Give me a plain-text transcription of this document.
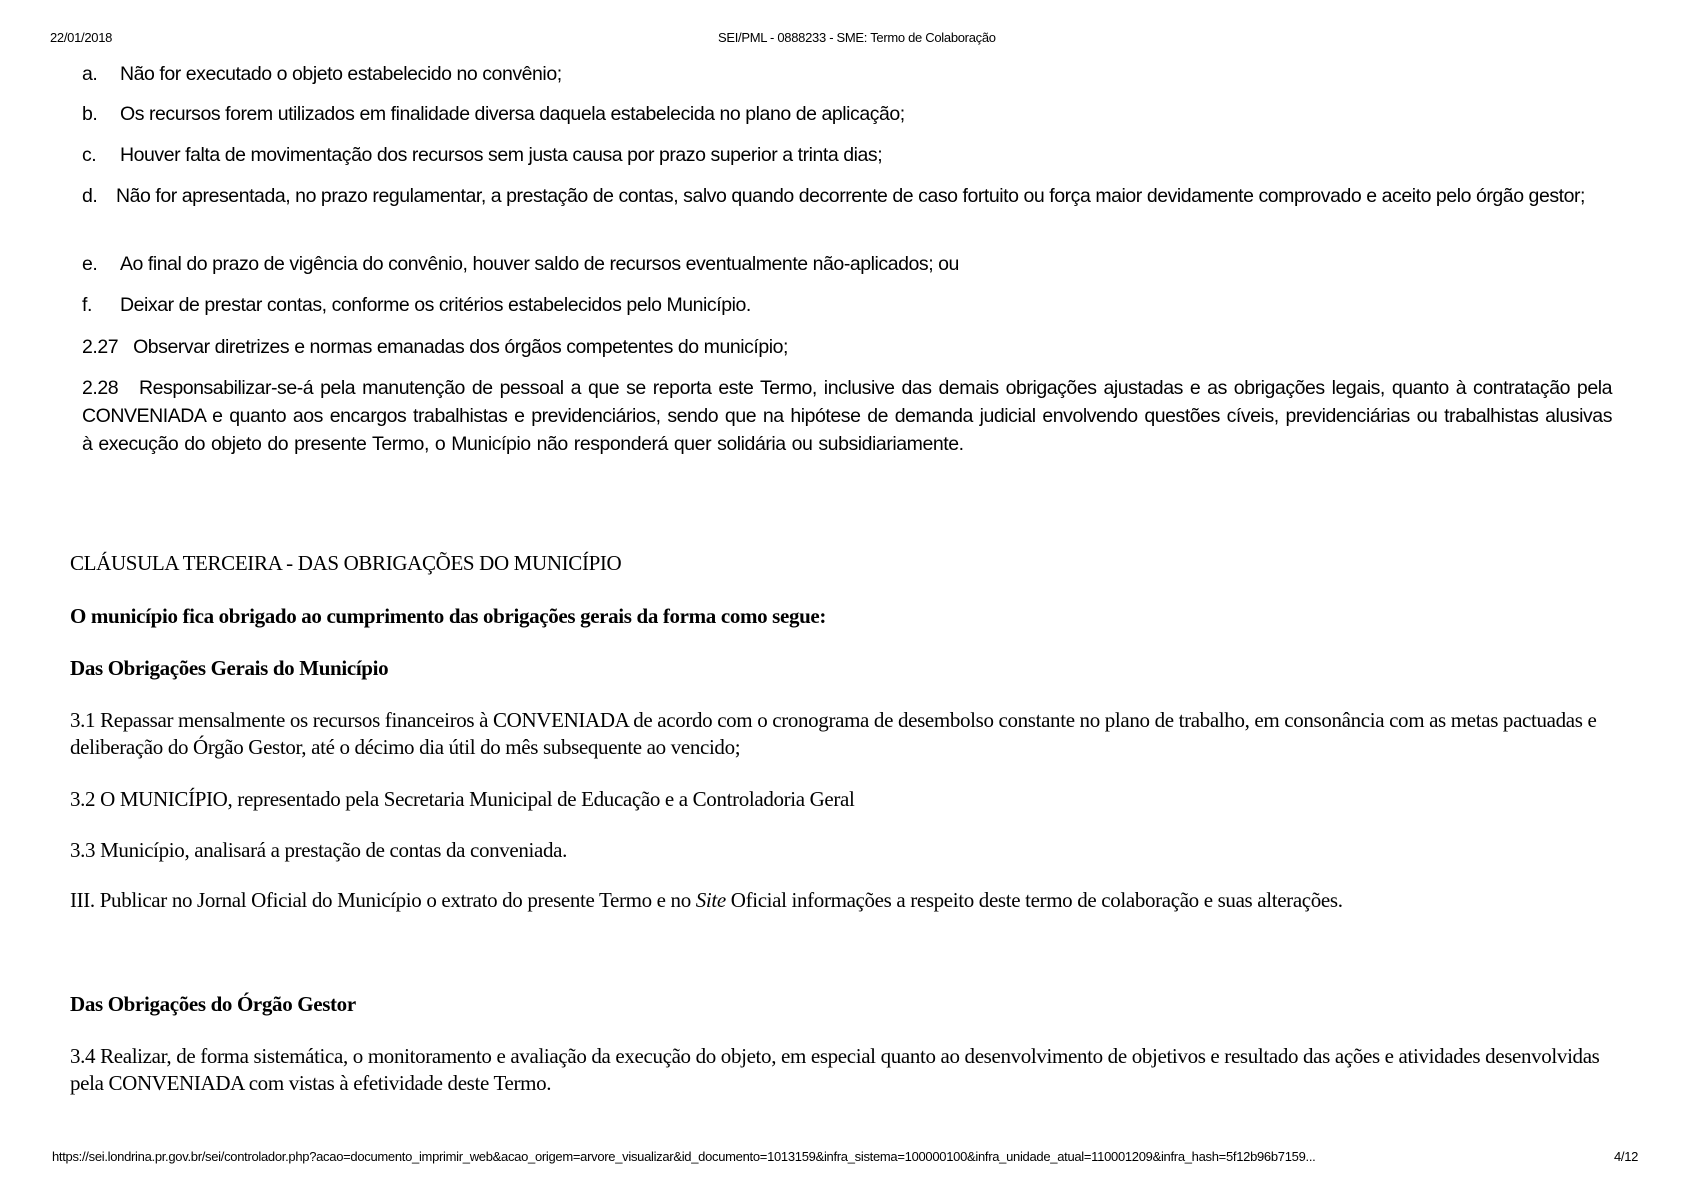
22/01/2018	SEI/PML - 0888233 - SME: Termo de Colaboração
a. Não for executado o objeto estabelecido no convênio;
b. Os recursos forem utilizados em finalidade diversa daquela estabelecida no plano de aplicação;
c. Houver falta de movimentação dos recursos sem justa causa por prazo superior a trinta dias;
d. Não for apresentada, no prazo regulamentar, a prestação de contas, salvo quando decorrente de caso fortuito ou força maior devidamente comprovado e aceito pelo órgão gestor;
e. Ao final do prazo de vigência do convênio, houver saldo de recursos eventualmente não-aplicados; ou
f. Deixar de prestar contas, conforme os critérios estabelecidos pelo Município.
2.27 Observar diretrizes e normas emanadas dos órgãos competentes do município;
2.28 Responsabilizar-se-á pela manutenção de pessoal a que se reporta este Termo, inclusive das demais obrigações ajustadas e as obrigações legais, quanto à contratação pela CONVENIADA e quanto aos encargos trabalhistas e previdenciários, sendo que na hipótese de demanda judicial envolvendo questões cíveis, previdenciárias ou trabalhistas alusivas à execução do objeto do presente Termo, o Município não responderá quer solidária ou subsidiariamente.
CLÁUSULA TERCEIRA - DAS OBRIGAÇÕES DO MUNICÍPIO
O município fica obrigado ao cumprimento das obrigações gerais da forma como segue:
Das Obrigações Gerais do Município
3.1 Repassar mensalmente os recursos financeiros à CONVENIADA de acordo com o cronograma de desembolso constante no plano de trabalho, em consonância com as metas pactuadas e deliberação do Órgão Gestor, até o décimo dia útil do mês subsequente ao vencido;
3.2 O MUNICÍPIO, representado pela Secretaria Municipal de Educação e a Controladoria Geral
3.3 Município, analisará a prestação de contas da conveniada.
III. Publicar no Jornal Oficial do Município o extrato do presente Termo e no Site Oficial informações a respeito deste termo de colaboração e suas alterações.
Das Obrigações do Órgão Gestor
3.4 Realizar, de forma sistemática, o monitoramento e avaliação da execução do objeto, em especial quanto ao desenvolvimento de objetivos e resultado das ações e atividades desenvolvidas pela CONVENIADA com vistas à efetividade deste Termo.
https://sei.londrina.pr.gov.br/sei/controlador.php?acao=documento_imprimir_web&acao_origem=arvore_visualizar&id_documento=1013159&infra_sistema=100000100&infra_unidade_atual=110001209&infra_hash=5f12b96b7159...	4/12
